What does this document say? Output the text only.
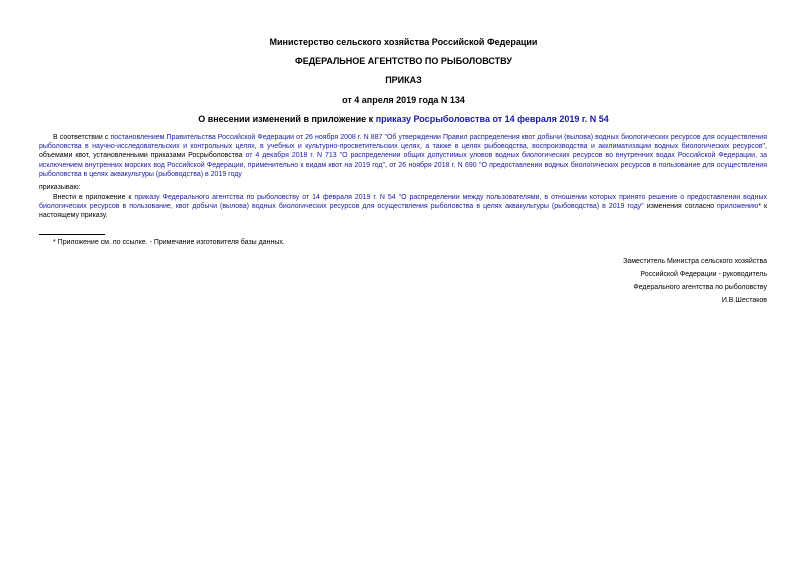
Министерство сельского хозяйства Российской Федерации
ФЕДЕРАЛЬНОЕ АГЕНТСТВО ПО РЫБОЛОВСТВУ
ПРИКАЗ
от 4 апреля 2019 года N 134
О внесении изменений в приложение к приказу Росрыболовства от 14 февраля 2019 г. N 54
В соответствии с постановлением Правительства Российской Федерации от 26 ноября 2008 г. N 887 "Об утверждении Правил распределения квот добычи (вылова) водных биологических ресурсов для осуществления рыболовства в научно-исследовательских и контрольных целях, в учебных и культурно-просветительских целях, а также в целях рыбоводства, воспроизводства и акклиматизации водных биологических ресурсов", объемами квот, установленными приказами Росрыболовства от 4 декабря 2018 г. N 713 "О распределении общих допустимых уловов водных биологических ресурсов во внутренних водах Российской Федерации, за исключением внутренних морских вод Российской Федерации, применительно к видам квот на 2019 год", от 26 ноября 2018 г. N 690 "О предоставлении водных биологических ресурсов в пользование для осуществления рыболовства в целях аквакультуры (рыбоводства) в 2019 году
приказываю:
Внести в приложение к приказу Федерального агентства по рыболовству от 14 февраля 2019 г. N 54 "О распределении между пользователями, в отношении которых принято решение о предоставлении водных биологических ресурсов в пользование, квот добычи (вылова) водных биологических ресурсов для осуществления рыболовства в целях аквакультуры (рыбоводства) в 2019 году" изменения согласно приложению* к настоящему приказу.
* Приложение см. по ссылке. - Примечание изготовителя базы данных.
Заместитель Министра сельского хозяйства
Российской Федерации - руководитель
Федерального агентства по рыболовству
И.В.Шестаков
